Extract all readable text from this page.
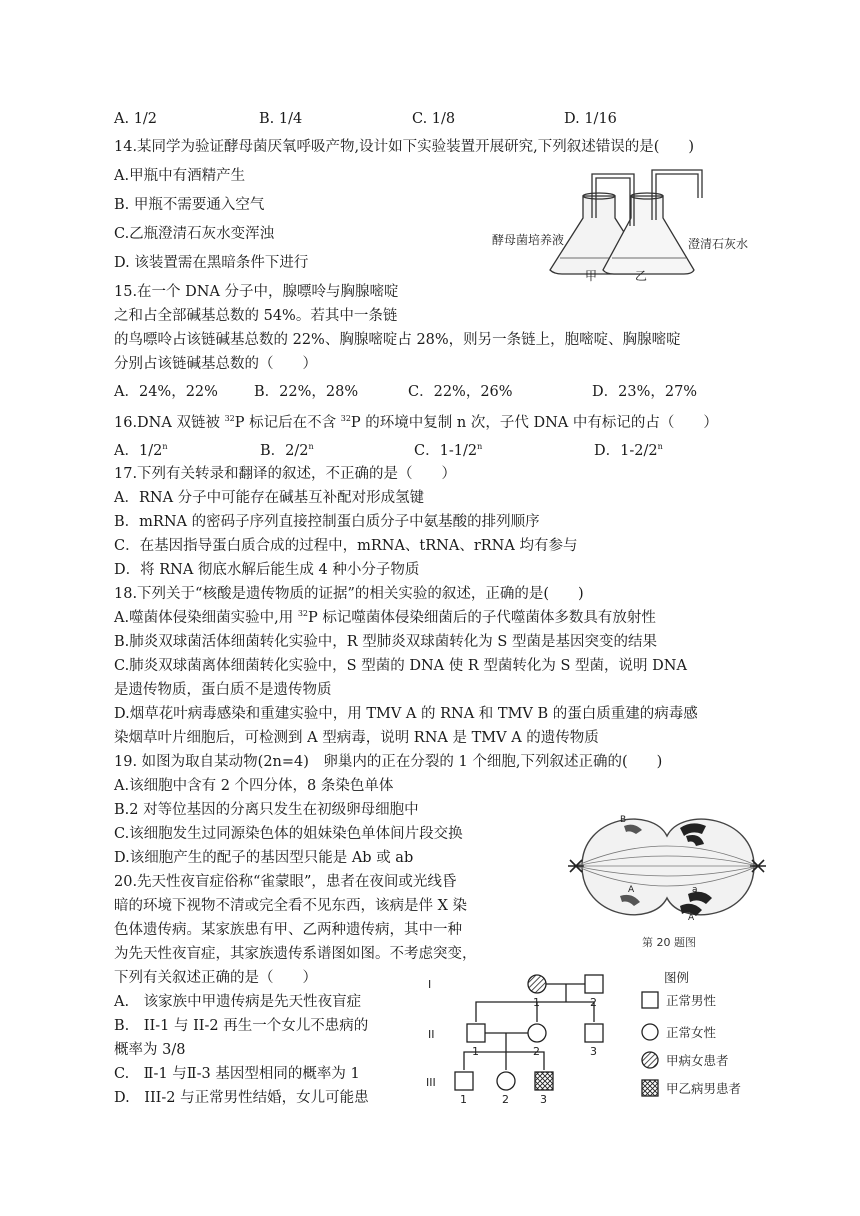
A. 1/2	B. 1/4	C. 1/8	D. 1/16
14.某同学为验证酵母菌厌氧呼吸产物,设计如下实验装置开展研究,下列叙述错误的是(　　)
A.甲瓶中有酒精产生
B. 甲瓶不需要通入空气
C.乙瓶澄清石灰水变浑浊
D. 该装置需在黑暗条件下进行
酵母菌培养液	澄清石灰水
甲	乙
15.在一个 DNA 分子中，腺嘌呤与胸腺嘧啶
之和占全部碱基总数的 54%。若其中一条链
的鸟嘌呤占该链碱基总数的 22%、胸腺嘧啶占 28%，则另一条链上，胞嘧啶、胸腺嘧啶
分别占该链碱基总数的（　　）
A．24%，22% B．22%，28%	C．22%，26%	D．23%，27%
16.DNA 双链被 $^{32}$P 标记后在不含 $^{32}$P 的环境中复制 n 次，子代 DNA 中有标记的占（　　）
A．1/2$^n$	B．2/2$^n$	C．1-1/2$^n$	D．1-2/2$^n$
17.下列有关转录和翻译的叙述，不正确的是（　　）
A．RNA 分子中可能存在碱基互补配对形成氢键
B．mRNA 的密码子序列直接控制蛋白质分子中氨基酸的排列顺序
C．在基因指导蛋白质合成的过程中，mRNA、tRNA、rRNA 均有参与
D．将 RNA 彻底水解后能生成 4 种小分子物质
18.下列关于“核酸是遗传物质的证据”的相关实验的叙述，正确的是(　　)
A.噬菌体侵染细菌实验中,用 $^{32}$P 标记噬菌体侵染细菌后的子代噬菌体多数具有放射性
B.肺炎双球菌活体细菌转化实验中，R 型肺炎双球菌转化为 S 型菌是基因突变的结果
C.肺炎双球菌离体细菌转化实验中，S 型菌的 DNA 使 R 型菌转化为 S 型菌，说明 DNA
是遗传物质，蛋白质不是遗传物质
D.烟草花叶病毒感染和重建实验中，用 TMV A 的 RNA 和 TMV B 的蛋白质重建的病毒感
染烟草叶片细胞后，可检测到 A 型病毒，说明 RNA 是 TMV A 的遗传物质
19. 如图为取自某动物(2n=4)　卵巢内的正在分裂的 1 个细胞,下列叙述正确的(　　)
A.该细胞中含有 2 个四分体，8 条染色单体
B.2 对等位基因的分离只发生在初级卵母细胞中
C.该细胞发生过同源染色体的姐妹染色单体间片段交换
D.该细胞产生的配子的基因型只能是 Ab 或 ab
B
b
A	a
A
第 20 题图
20.先天性夜盲症俗称“雀蒙眼”，患者在夜间或光线昏
暗的环境下视物不清或完全看不见东西，该病是伴 X 染
色体遗传病。某家族患有甲、乙两种遗传病，其中一种
为先天性夜盲症，其家族遗传系谱图如图。不考虑突变，
下列有关叙述正确的是（　　）
A.　该家族中甲遗传病是先天性夜盲症
B.　II-1 与 II-2 再生一个女儿不患病的
概率为 3/8
C.　Ⅱ-1 与Ⅱ-3 基因型相同的概率为 1
D.　III-2 与正常男性结婚，女儿可能患
I
II
III
1	2
1	2	3
1	2	3
图例
正常男性
正常女性
甲病女患者
甲乙病男患者
